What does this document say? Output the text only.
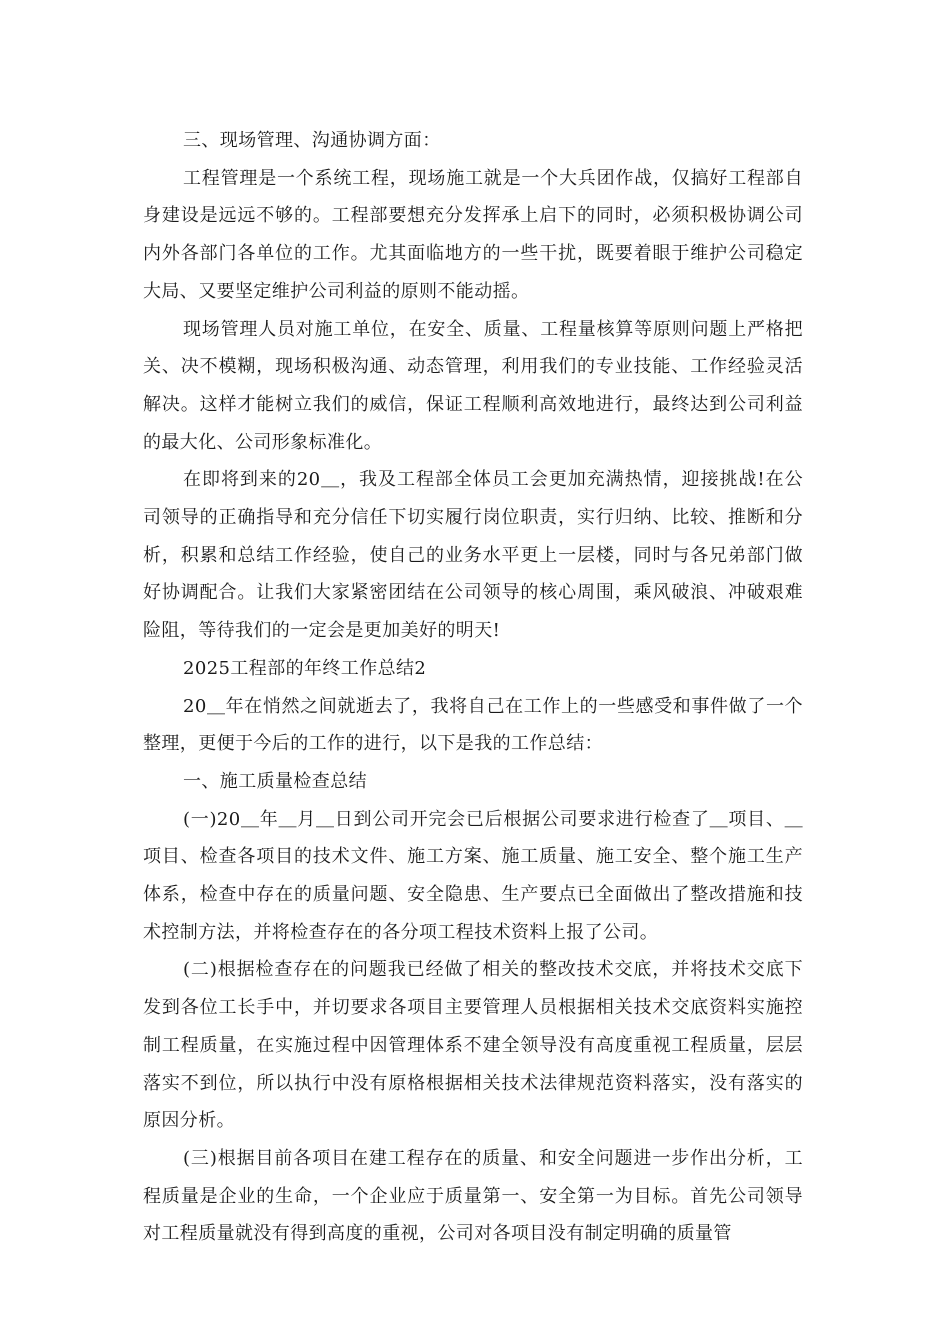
三、现场管理、沟通协调方面：

工程管理是一个系统工程，现场施工就是一个大兵团作战，仅搞好工程部自身建设是远远不够的。工程部要想充分发挥承上启下的同时，必须积极协调公司内外各部门各单位的工作。尤其面临地方的一些干扰，既要着眼于维护公司稳定大局、又要坚定维护公司利益的原则不能动摇。

现场管理人员对施工单位，在安全、质量、工程量核算等原则问题上严格把关、决不模糊，现场积极沟通、动态管理，利用我们的专业技能、工作经验灵活解决。这样才能树立我们的威信，保证工程顺利高效地进行，最终达到公司利益的最大化、公司形象标准化。

在即将到来的20＿，我及工程部全体员工会更加充满热情，迎接挑战!在公司领导的正确指导和充分信任下切实履行岗位职责，实行归纳、比较、推断和分析，积累和总结工作经验，使自己的业务水平更上一层楼，同时与各兄弟部门做好协调配合。让我们大家紧密团结在公司领导的核心周围，乘风破浪、冲破艰难险阻，等待我们的一定会是更加美好的明天!

2025工程部的年终工作总结2

20＿年在悄然之间就逝去了，我将自己在工作上的一些感受和事件做了一个整理，更便于今后的工作的进行，以下是我的工作总结：

一、施工质量检查总结

(一)20＿年＿月＿日到公司开完会已后根据公司要求进行检查了＿项目、＿项目、检查各项目的技术文件、施工方案、施工质量、施工安全、整个施工生产体系，检查中存在的质量问题、安全隐患、生产要点已全面做出了整改措施和技术控制方法，并将检查存在的各分项工程技术资料上报了公司。

(二)根据检查存在的问题我已经做了相关的整改技术交底，并将技术交底下发到各位工长手中，并切要求各项目主要管理人员根据相关技术交底资料实施控制工程质量，在实施过程中因管理体系不建全领导没有高度重视工程质量，层层落实不到位，所以执行中没有原格根据相关技术法律规范资料落实，没有落实的原因分析。

(三)根据目前各项目在建工程存在的质量、和安全问题进一步作出分析，工程质量是企业的生命，一个企业应于质量第一、安全第一为目标。首先公司领导对工程质量就没有得到高度的重视，公司对各项目没有制定明确的质量管
